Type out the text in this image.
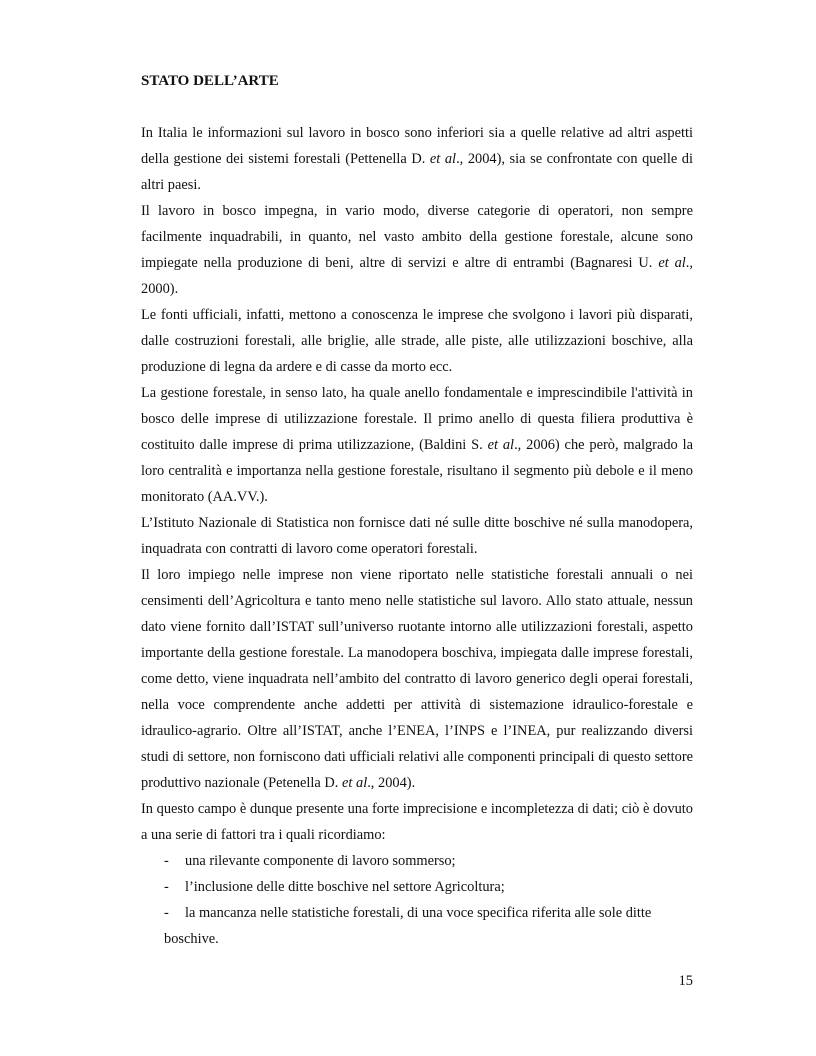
STATO DELL’ARTE

In Italia le informazioni sul lavoro in bosco sono inferiori sia a quelle relative ad altri aspetti della gestione dei sistemi forestali (Pettenella D. et al., 2004), sia se confrontate con quelle di altri paesi.

Il lavoro in bosco impegna, in vario modo, diverse categorie di operatori, non sempre facilmente inquadrabili, in quanto, nel vasto ambito della gestione forestale, alcune sono impiegate nella produzione di beni, altre di servizi e altre di entrambi (Bagnaresi U. et al., 2000).

Le fonti ufficiali, infatti, mettono a conoscenza le imprese che svolgono i lavori più disparati, dalle costruzioni forestali, alle briglie, alle strade, alle piste, alle utilizzazioni boschive, alla produzione di legna da ardere e di casse da morto ecc.

La gestione forestale, in senso lato, ha quale anello fondamentale e imprescindibile l'attività in bosco delle imprese di utilizzazione forestale. Il primo anello di questa filiera produttiva è costituito dalle imprese di prima utilizzazione, (Baldini S. et al., 2006) che però, malgrado la loro centralità e importanza nella gestione forestale, risultano il segmento più debole e il meno monitorato (AA.VV.).

L’Istituto Nazionale di Statistica non fornisce dati né sulle ditte boschive né sulla manodopera, inquadrata con contratti di lavoro come operatori forestali.

Il loro impiego nelle imprese non viene riportato nelle statistiche forestali annuali o nei censimenti dell’Agricoltura e tanto meno nelle statistiche sul lavoro. Allo stato attuale, nessun dato viene fornito dall’ISTAT sull’universo ruotante intorno alle utilizzazioni forestali, aspetto importante della gestione forestale. La manodopera boschiva, impiegata dalle imprese forestali, come detto, viene inquadrata nell’ambito del contratto di lavoro generico degli operai forestali, nella voce comprendente anche addetti per attività di sistemazione idraulico-forestale e idraulico-agrario. Oltre all’ISTAT, anche l’ENEA, l’INPS e l’INEA, pur realizzando diversi studi di settore, non forniscono dati ufficiali relativi alle componenti principali di questo settore produttivo nazionale (Petenella D. et al., 2004).

In questo campo è dunque presente una forte imprecisione e incompletezza di dati; ciò è dovuto a una serie di fattori tra i quali ricordiamo:

-	una rilevante componente di lavoro sommerso;
-	l’inclusione delle ditte boschive nel settore Agricoltura;
-	la mancanza nelle statistiche forestali, di una voce specifica riferita alle sole ditte
boschive.
15
